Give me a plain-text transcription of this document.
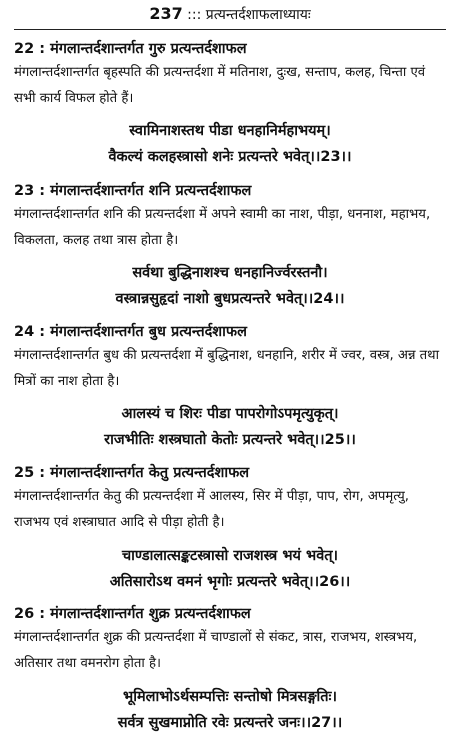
237 ::: प्रत्यन्तर्दशाफलाध्यायः
22 : मंगलान्तर्दशान्तर्गत गुरु प्रत्यन्तर्दशाफल
मंगलान्तर्दशान्तर्गत बृहस्पति की प्रत्यन्तर्दशा में मतिनाश, दुःख, सन्ताप, कलह, चिन्ता एवं सभी कार्य विफल होते हैं।
स्वामिनाशस्तथ पीडा धनहानिर्महाभयम्।
वैकल्यं कलहस्त्रासो शनेः प्रत्यन्तरे भवेत्।।23।।
23 : मंगलान्तर्दशान्तर्गत शनि प्रत्यन्तर्दशाफल
मंगलान्तर्दशान्तर्गत शनि की प्रत्यन्तर्दशा में अपने स्वामी का नाश, पीड़ा, धननाश, महाभय, विकलता, कलह तथा त्रास होता है।
सर्वथा बुद्धिनाशश्च धनहानिर्ज्वरस्तनौ।
वस्त्रान्नसुहृदां नाशो बुधप्रत्यन्तरे भवेत्।।24।।
24 : मंगलान्तर्दशान्तर्गत बुध प्रत्यन्तर्दशाफल
मंगलान्तर्दशान्तर्गत बुध की प्रत्यन्तर्दशा में बुद्धिनाश, धनहानि, शरीर में ज्वर, वस्त्र, अन्न तथा मित्रों का नाश होता है।
आलस्यं च शिरः पीडा पापरोगोऽपमृत्युकृत्।
राजभीतिः शस्त्रघातो केतोः प्रत्यन्तरे भवेत्।।25।।
25 : मंगलान्तर्दशान्तर्गत केतु प्रत्यन्तर्दशाफल
मंगलान्तर्दशान्तर्गत केतु की प्रत्यन्तर्दशा में आलस्य, सिर में पीड़ा, पाप, रोग, अपमृत्यु, राजभय एवं शस्त्राघात आदि से पीड़ा होती है।
चाण्डालात्सङ्कटस्त्रासो राजशस्त्र भयं भवेत्।
अतिसारोऽथ वमनं भृगोः प्रत्यन्तरे भवेत्।।26।।
26 : मंगलान्तर्दशान्तर्गत शुक्र प्रत्यन्तर्दशाफल
मंगलान्तर्दशान्तर्गत शुक्र की प्रत्यन्तर्दशा में चाण्डालों से संकट, त्रास, राजभय, शस्त्रभय, अतिसार तथा वमनरोग होता है।
भूमिलाभोऽर्थसम्पत्तिः सन्तोषो मित्रसङ्गतिः।
सर्वत्र सुखमाप्नोति रवेः प्रत्यन्तरे जनः।।27।।
